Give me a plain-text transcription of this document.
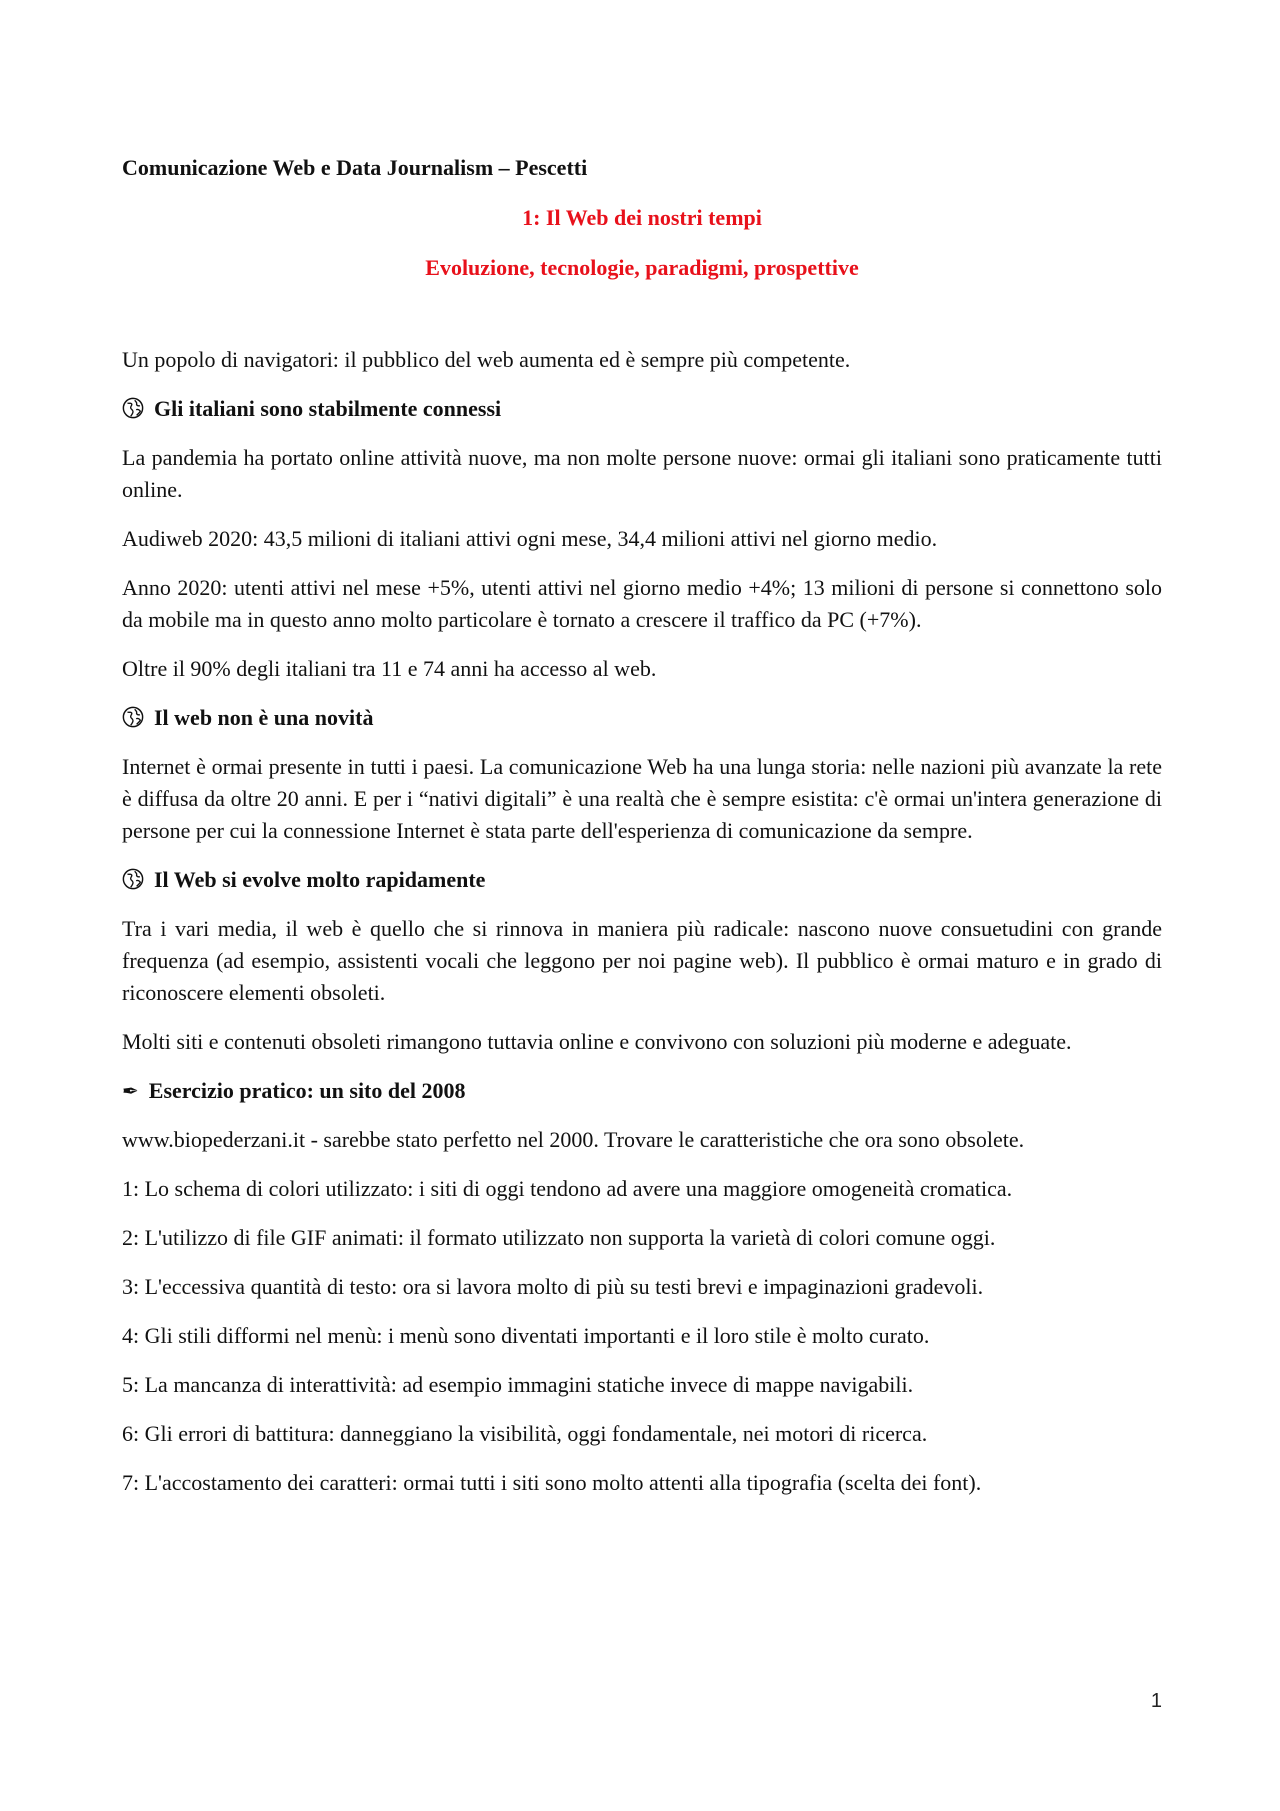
Comunicazione Web e Data Journalism – Pescetti
1: Il Web dei nostri tempi
Evoluzione, tecnologie, paradigmi, prospettive

Un popolo di navigatori: il pubblico del web aumenta ed è sempre più competente.

Gli italiani sono stabilmente connessi

La pandemia ha portato online attività nuove, ma non molte persone nuove: ormai gli italiani sono praticamente tutti online.

Audiweb 2020: 43,5 milioni di italiani attivi ogni mese, 34,4 milioni attivi nel giorno medio.

Anno 2020: utenti attivi nel mese +5%, utenti attivi nel giorno medio +4%; 13 milioni di persone si connettono solo da mobile ma in questo anno molto particolare è tornato a crescere il traffico da PC (+7%).

Oltre il 90% degli italiani tra 11 e 74 anni ha accesso al web.

Il web non è una novità

Internet è ormai presente in tutti i paesi. La comunicazione Web ha una lunga storia: nelle nazioni più avanzate la rete è diffusa da oltre 20 anni. E per i “nativi digitali” è una realtà che è sempre esistita: c'è ormai un'intera generazione di persone per cui la connessione Internet è stata parte dell'esperienza di comunicazione da sempre.

Il Web si evolve molto rapidamente

Tra i vari media, il web è quello che si rinnova in maniera più radicale: nascono nuove consuetudini con grande frequenza (ad esempio, assistenti vocali che leggono per noi pagine web). Il pubblico è ormai maturo e in grado di riconoscere elementi obsoleti.

Molti siti e contenuti obsoleti rimangono tuttavia online e convivono con soluzioni più moderne e adeguate.

✒ Esercizio pratico: un sito del 2008

www.biopederzani.it - sarebbe stato perfetto nel 2000. Trovare le caratteristiche che ora sono obsolete.

1: Lo schema di colori utilizzato: i siti di oggi tendono ad avere una maggiore omogeneità cromatica.

2: L'utilizzo di file GIF animati: il formato utilizzato non supporta la varietà di colori comune oggi.

3: L'eccessiva quantità di testo: ora si lavora molto di più su testi brevi e impaginazioni gradevoli.

4: Gli stili difformi nel menù: i menù sono diventati importanti e il loro stile è molto curato.

5: La mancanza di interattività: ad esempio immagini statiche invece di mappe navigabili.

6: Gli errori di battitura: danneggiano la visibilità, oggi fondamentale, nei motori di ricerca.

7: L'accostamento dei caratteri: ormai tutti i siti sono molto attenti alla tipografia (scelta dei font).

1
